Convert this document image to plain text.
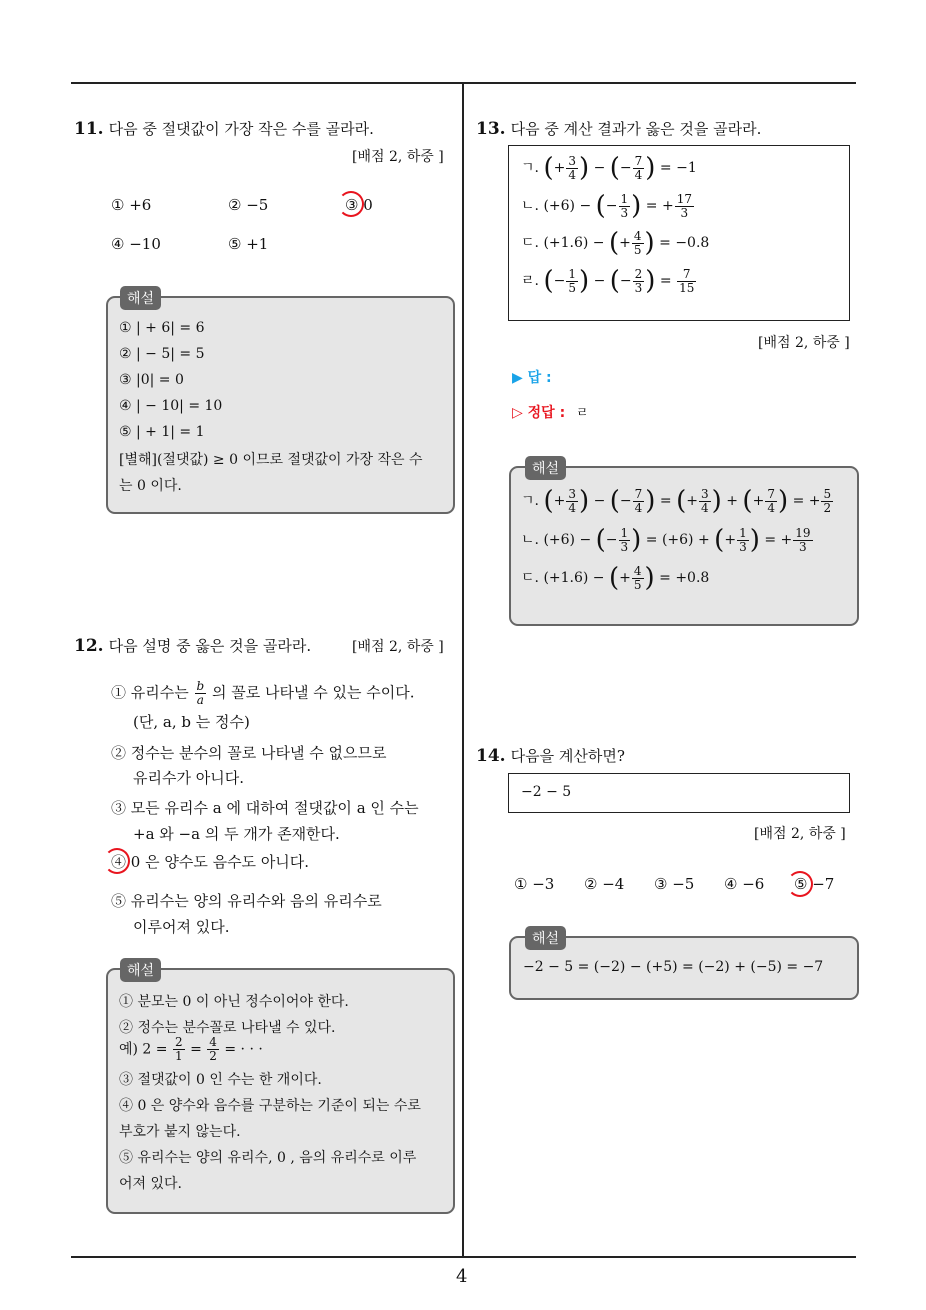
4
11. 다음 중 절댓값이 가장 작은 수를 골라라.
[배점 2, 하중 ]
① +6	② −5	③ 0
④ −10	⑤ +1
해설
① | + 6| = 6
② | − 5| = 5
③ |0| = 0
④ | − 10| = 10
⑤ | + 1| = 1
[별해](절댓값) ≥ 0 이므로 절댓값이 가장 작은 수
는 0 이다.
12. 다음 설명 중 옳은 것을 골라라.	[배점 2, 하중 ]
① 유리수는 $\frac{b}{a}$ 의 꼴로 나타낼 수 있는 수이다.
(단, a, b 는 정수)
② 정수는 분수의 꼴로 나타낼 수 없으므로
유리수가 아니다.
③ 모든 유리수 a 에 대하여 절댓값이 a 인 수는
+a 와 −a 의 두 개가 존재한다.
④ 0 은 양수도 음수도 아니다.
⑤ 유리수는 양의 유리수와 음의 유리수로
이루어져 있다.
해설
① 분모는 0 이 아닌 정수이어야 한다.
② 정수는 분수꼴로 나타낼 수 있다.
예) $2 = \frac{2}{1} = \frac{4}{2}$ = · · ·
③ 절댓값이 0 인 수는 한 개이다.
④ 0 은 양수와 음수를 구분하는 기준이 되는 수로
부호가 붙지 않는다.
⑤ 유리수는 양의 유리수, 0 , 음의 유리수로 이루
어져 있다.
13. 다음 중 계산 결과가 옳은 것을 골라라.
ㄱ. (+ $\frac{3}{4}$ ) − (− $\frac{7}{4}$ ) = −1
ㄴ. (+6) − (− $\frac{1}{3}$ ) = + $\frac{17}{3}$
ㄷ. (+1.6) − (+ $\frac{4}{5}$ ) = −0.8
ㄹ. (− $\frac{1}{5}$ ) − (− $\frac{2}{3}$ ) = $\frac{7}{15}$
[배점 2, 하중 ]
▶ 답 :
▷ 정답 : ㄹ
해설
ㄱ. (+ $\frac{3}{4}$ ) − (− $\frac{7}{4}$ ) = (+ $\frac{3}{4}$ ) + (+ $\frac{7}{4}$ ) = + $\frac{5}{2}$
ㄴ. (+6) − (− $\frac{1}{3}$ ) = (+6) + (+ $\frac{1}{3}$ ) = + $\frac{19}{3}$
ㄷ. (+1.6) − (+ $\frac{4}{5}$ ) = +0.8
14. 다음을 계산하면?
−2 − 5
[배점 2, 하중 ]
① −3 ② −4 ③ −5 ④ −6 ⑤ −7
해설
−2 − 5 = (−2) − (+5) = (−2) + (−5) = −7
